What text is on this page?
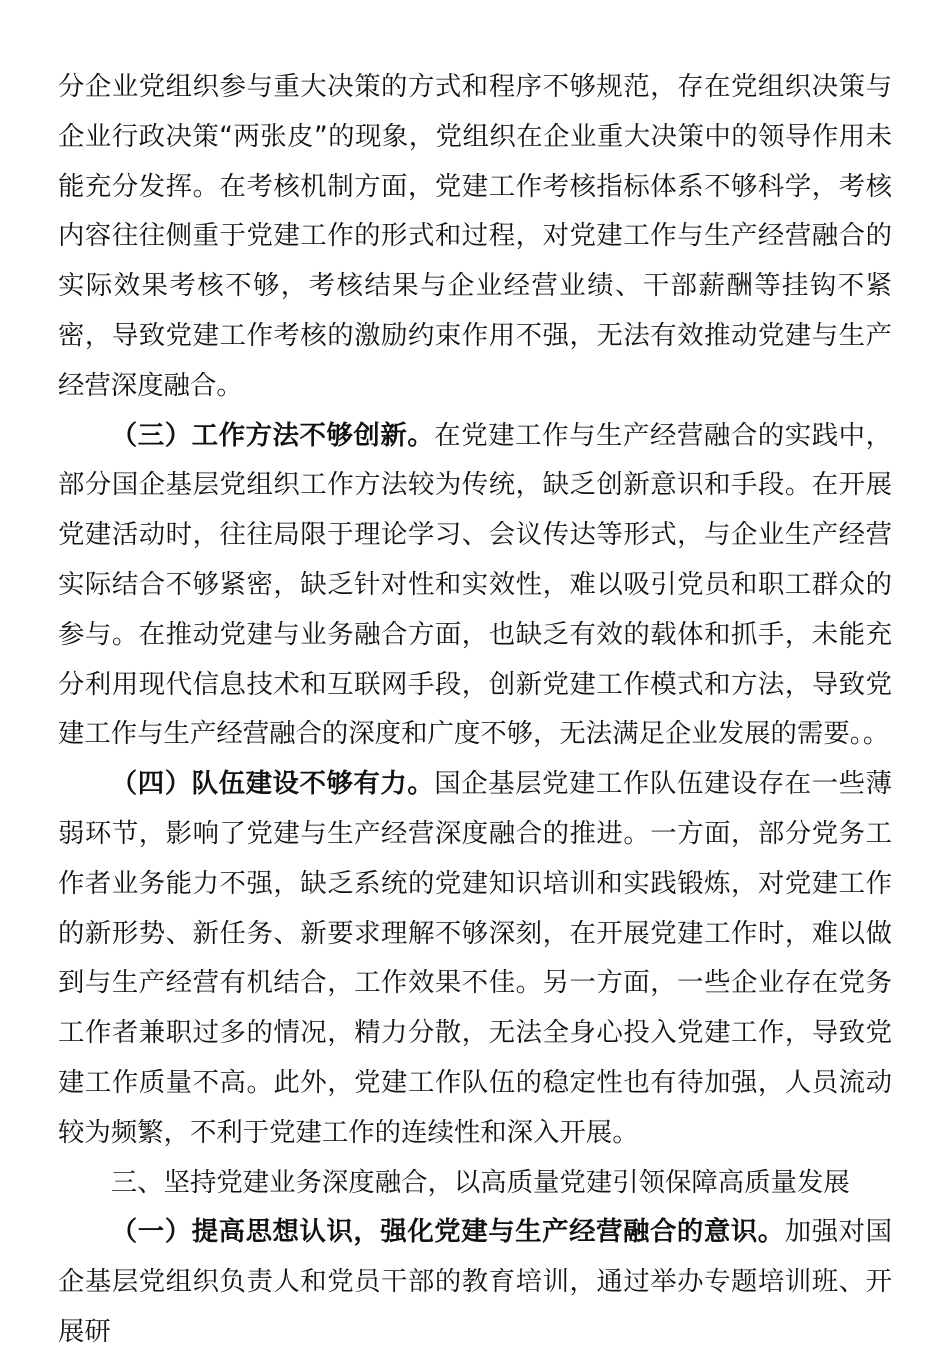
分企业党组织参与重大决策的方式和程序不够规范，存在党组织决策与企业行政决策“两张皮”的现象，党组织在企业重大决策中的领导作用未能充分发挥。在考核机制方面，党建工作考核指标体系不够科学，考核内容往往侧重于党建工作的形式和过程，对党建工作与生产经营融合的实际效果考核不够，考核结果与企业经营业绩、干部薪酬等挂钩不紧密，导致党建工作考核的激励约束作用不强，无法有效推动党建与生产经营深度融合。

（三）工作方法不够创新。在党建工作与生产经营融合的实践中，部分国企基层党组织工作方法较为传统，缺乏创新意识和手段。在开展党建活动时，往往局限于理论学习、会议传达等形式，与企业生产经营实际结合不够紧密，缺乏针对性和实效性，难以吸引党员和职工群众的参与。在推动党建与业务融合方面，也缺乏有效的载体和抓手，未能充分利用现代信息技术和互联网手段，创新党建工作模式和方法，导致党建工作与生产经营融合的深度和广度不够，无法满足企业发展的需要。。

（四）队伍建设不够有力。国企基层党建工作队伍建设存在一些薄弱环节，影响了党建与生产经营深度融合的推进。一方面，部分党务工作者业务能力不强，缺乏系统的党建知识培训和实践锻炼，对党建工作的新形势、新任务、新要求理解不够深刻，在开展党建工作时，难以做到与生产经营有机结合，工作效果不佳。另一方面，一些企业存在党务工作者兼职过多的情况，精力分散，无法全身心投入党建工作，导致党建工作质量不高。此外，党建工作队伍的稳定性也有待加强，人员流动较为频繁，不利于党建工作的连续性和深入开展。

三、坚持党建业务深度融合，以高质量党建引领保障高质量发展

（一）提高思想认识，强化党建与生产经营融合的意识。加强对国企基层党组织负责人和党员干部的教育培训，通过举办专题培训班、开展研
